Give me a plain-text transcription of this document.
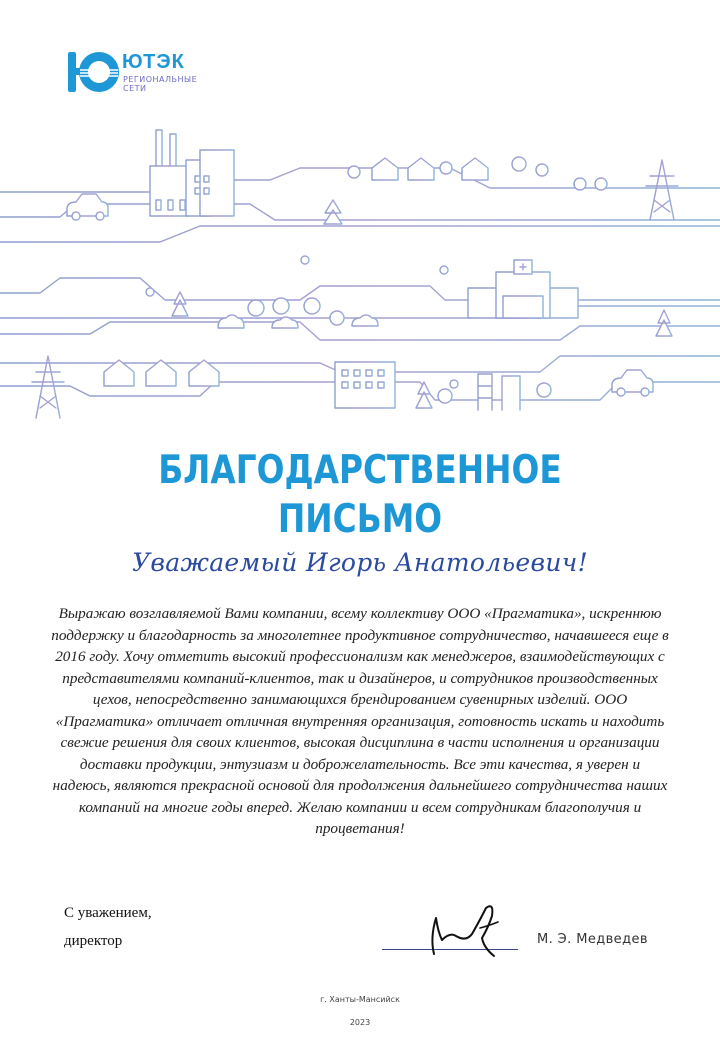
ЮТЭК
РЕГИОНАЛЬНЫЕ
СЕТИ
БЛАГОДАРСТВЕННОЕ
ПИСЬМО
Уважаемый Игорь Анатольевич!
Выражаю возглавляемой Вами компании, всему коллективу ООО «Прагматика», искреннюю поддержку и благодарность за многолетнее продуктивное сотрудничество, начавшееся еще в 2016 году. Хочу отметить высокий профессионализм как менеджеров, взаимодействующих с представителями компаний-клиентов, так и дизайнеров, и сотрудников производственных цехов, непосредственно занимающихся брендированием сувенирных изделий. ООО «Прагматика» отличает отличная внутренняя организация, готовность искать и находить свежие решения для своих клиентов, высокая дисциплина в части исполнения и организации доставки продукции, энтузиазм и доброжелательность. Все эти качества, я уверен и надеюсь, являются прекрасной основой для продолжения дальнейшего сотрудничества наших компаний на многие годы вперед. Желаю компании и всем сотрудникам благополучия и процветания!
С уважением,
директор	М. Э. Медведев
г. Ханты-Мансийск
2023
